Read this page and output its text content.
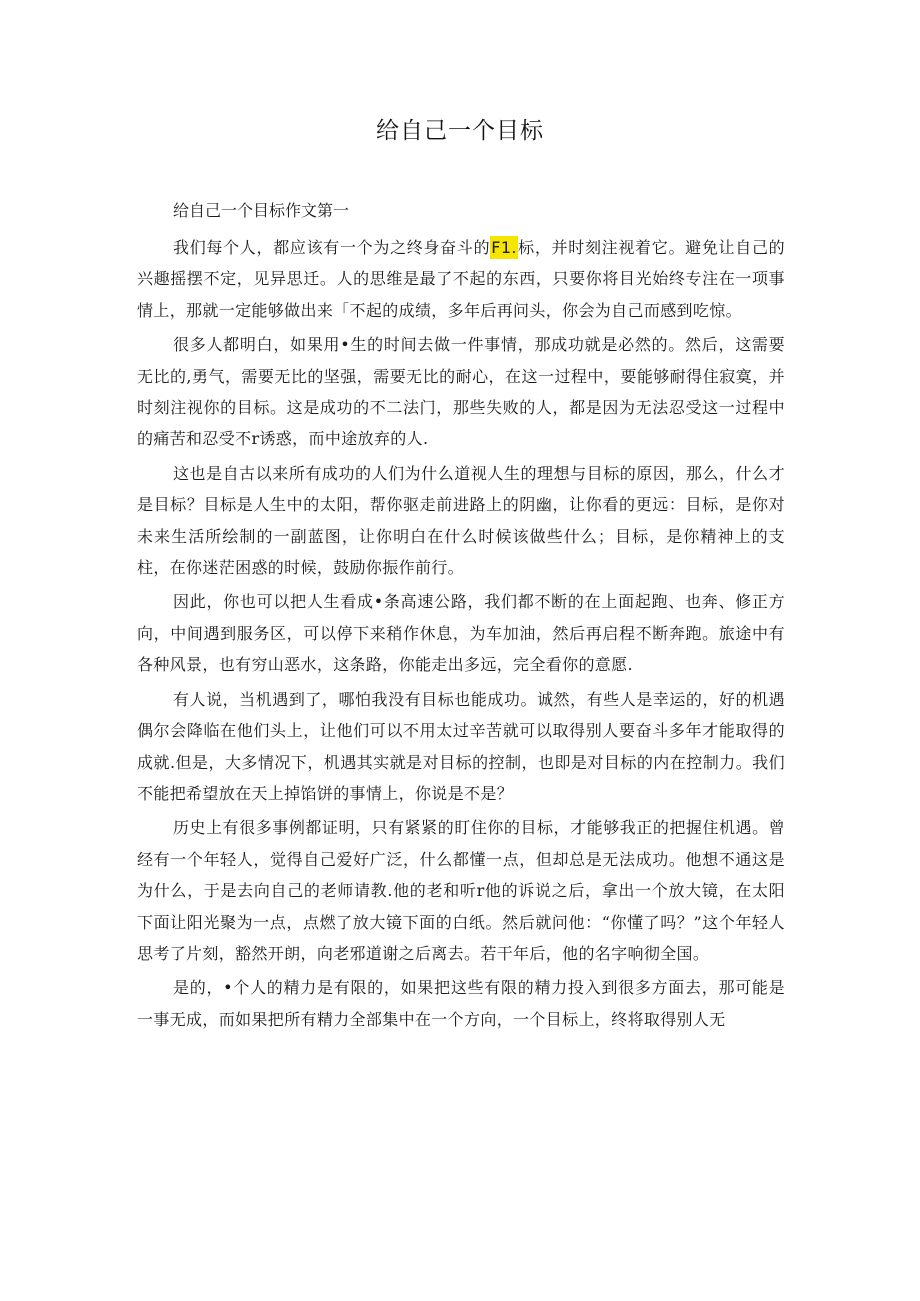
给自己一个目标

给自己一个目标作文第一

我们每个人，都应该有一个为之终身奋斗的F1.标，并时刻注视着它。避免让自己的兴趣摇摆不定，见异思迁。人的思维是最了不起的东西，只要你将目光始终专注在一项事情上，那就一定能够做出来「不起的成绩，多年后再问头，你会为自己而感到吃惊。

很多人都明白，如果用•生的时间去做一件事情，那成功就是必然的。然后，这需要无比的,勇气，需要无比的坚强，需要无比的耐心，在这一过程中，要能够耐得住寂寞，并时刻注视你的目标。这是成功的不二法门，那些失败的人，都是因为无法忍受这一过程中的痛苦和忍受不r诱惑，而中途放弃的人.

这也是自古以来所有成功的人们为什么道视人生的理想与目标的原因，那么，什么才是目标？目标是人生中的太阳，帮你驱走前进路上的阴幽，让你看的更远：目标，是你对未来生活所绘制的一副蓝图，让你明白在什么时候该做些什么；目标，是你精神上的支柱，在你迷茫困惑的时候，鼓励你振作前行。

因此，你也可以把人生看成•条高速公路，我们都不断的在上面起跑、也奔、修正方向，中间遇到服务区，可以停下来稍作休息，为车加油，然后再启程不断奔跑。旅途中有各种风景，也有穷山恶水，这条路，你能走出多远，完全看你的意愿.

有人说，当机遇到了，哪怕我没有目标也能成功。诚然，有些人是幸运的，好的机遇偶尔会降临在他们头上，让他们可以不用太过辛苦就可以取得别人要奋斗多年才能取得的成就.但是，大多情况下，机遇其实就是对目标的控制，也即是对目标的内在控制力。我们不能把希望放在天上掉馅饼的事情上，你说是不是？

历史上有很多事例都证明，只有紧紧的盯住你的目标，才能够我正的把握住机遇。曾经有一个年轻人，觉得自己爱好广泛，什么都懂一点，但却总是无法成功。他想不通这是为什么，于是去向自己的老师请教.他的老和听r他的诉说之后，拿出一个放大镜，在太阳下面让阳光聚为一点，点燃了放大镜下面的白纸。然后就问他：“你懂了吗？”这个年轻人思考了片刻，豁然开朗，向老邪道谢之后离去。若干年后，他的名字响彻全国。

是的，•个人的精力是有限的，如果把这些有限的精力投入到很多方面去，那可能是一事无成，而如果把所有精力全部集中在一个方向，一个目标上，终将取得别人无
